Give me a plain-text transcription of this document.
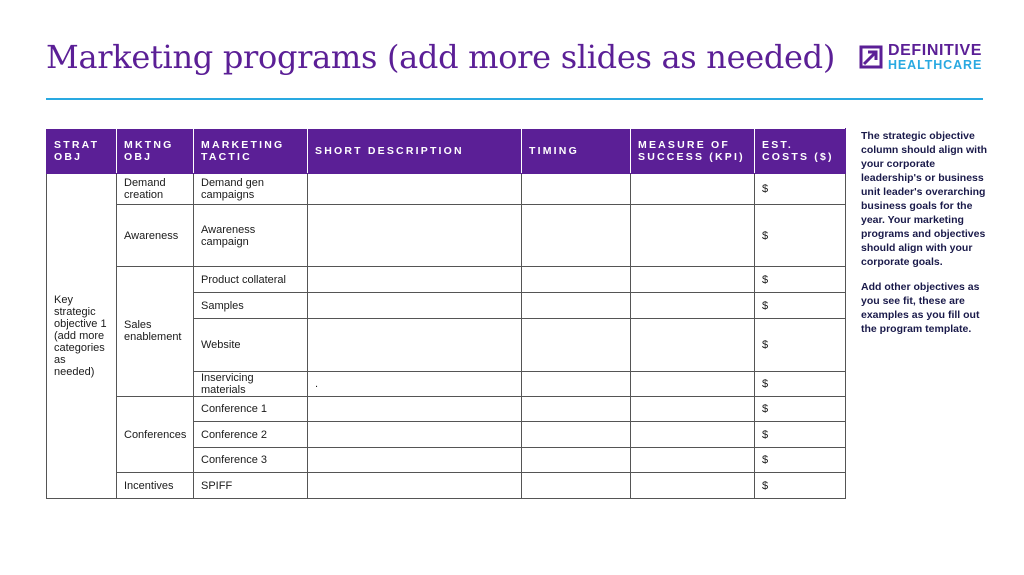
Marketing programs (add more slides as needed)	DEFINITIVE
HEALTHCARE
STRAT OBJ	MKTNG OBJ	MARKETING TACTIC	SHORT DESCRIPTION	TIMING	MEASURE OF SUCCESS (KPI)	EST. COSTS ($)
Key strategic objective 1 (add more categories as needed)	Demand creation	Demand gen campaigns				$
	Awareness	Awareness campaign				$
	Sales enablement	Product collateral				$
		Samples				$
		Website				$
		Inservicing materials	.			$
	Conferences	Conference 1				$
		Conference 2				$
		Conference 3				$
	Incentives	SPIFF				$

The strategic objective column should align with your corporate leadership's or business unit leader's overarching business goals for the year. Your marketing programs and objectives should align with your corporate goals.

Add other objectives as you see fit, these are examples as you fill out the program template.
